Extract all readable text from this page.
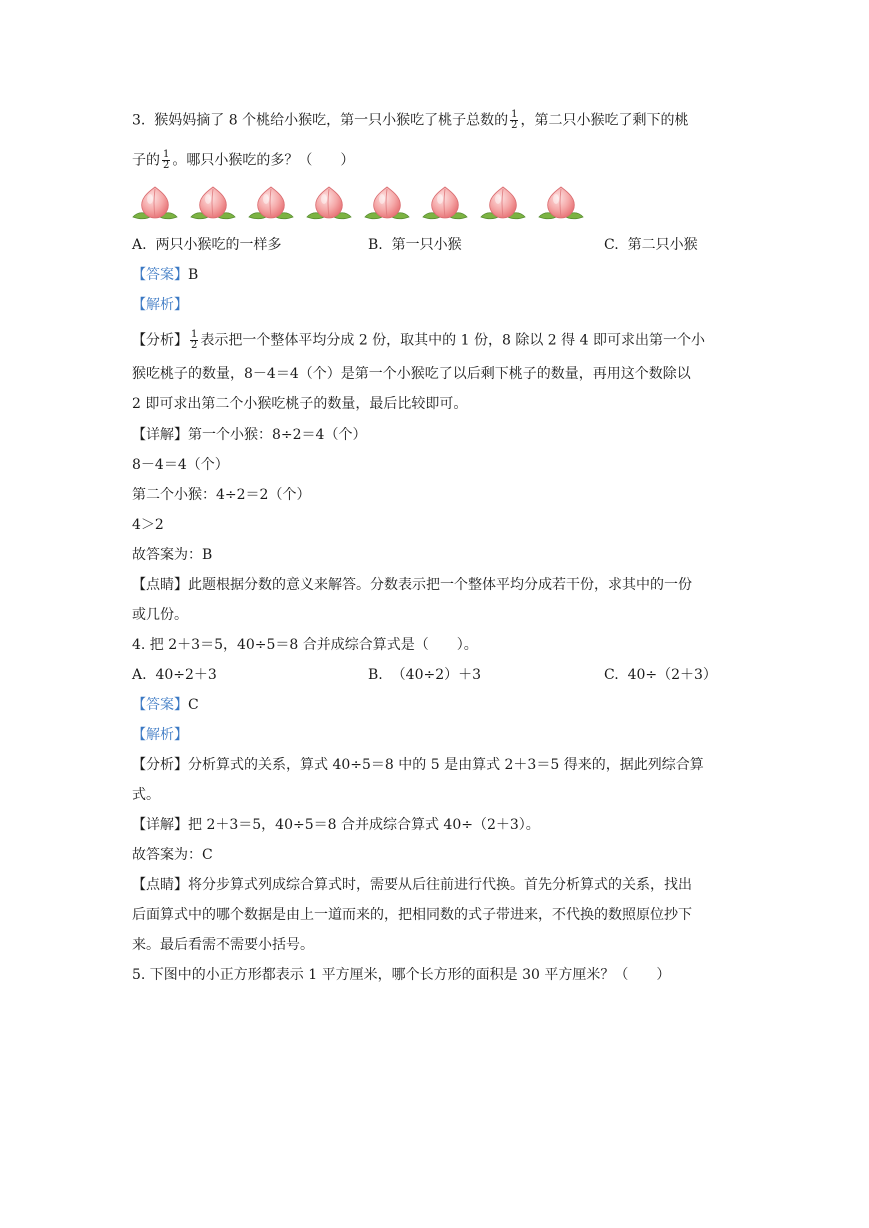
3. 猴妈妈摘了 8 个桃给小猴吃，第一只小猴吃了桃子总数的 $\frac{1}{2}$ ，第二只小猴吃了剩下的桃
子的 $\frac{1}{2}$ 。哪只小猴吃的多？（　　）
A. 两只小猴吃的一样多	B. 第一只小猴	C. 第二只小猴
【答案】B
【解析】
【分析】 $\frac{1}{2}$ 表示把一个整体平均分成 2 份，取其中的 1 份，8 除以 2 得 4 即可求出第一个小
猴吃桃子的数量，8－4＝4（个）是第一个小猴吃了以后剩下桃子的数量，再用这个数除以
2 即可求出第二个小猴吃桃子的数量，最后比较即可。
【详解】第一个小猴：8÷2＝4（个）
8－4＝4（个）
第二个小猴：4÷2＝2（个）
4＞2
故答案为：B
【点睛】此题根据分数的意义来解答。分数表示把一个整体平均分成若干份，求其中的一份
或几份。
4. 把 2＋3＝5，40÷5＝8 合并成综合算式是（　　）。
A. 40÷2＋3	B. （40÷2）＋3	C. 40÷（2＋3）
【答案】C
【解析】
【分析】分析算式的关系，算式 40÷5＝8 中的 5 是由算式 2＋3＝5 得来的，据此列综合算
式。
【详解】把 2＋3＝5，40÷5＝8 合并成综合算式 40÷（2＋3）。
故答案为：C
【点睛】将分步算式列成综合算式时，需要从后往前进行代换。首先分析算式的关系，找出
后面算式中的哪个数据是由上一道而来的，把相同数的式子带进来，不代换的数照原位抄下
来。最后看需不需要小括号。
5. 下图中的小正方形都表示 1 平方厘米，哪个长方形的面积是 30 平方厘米？（　　）
